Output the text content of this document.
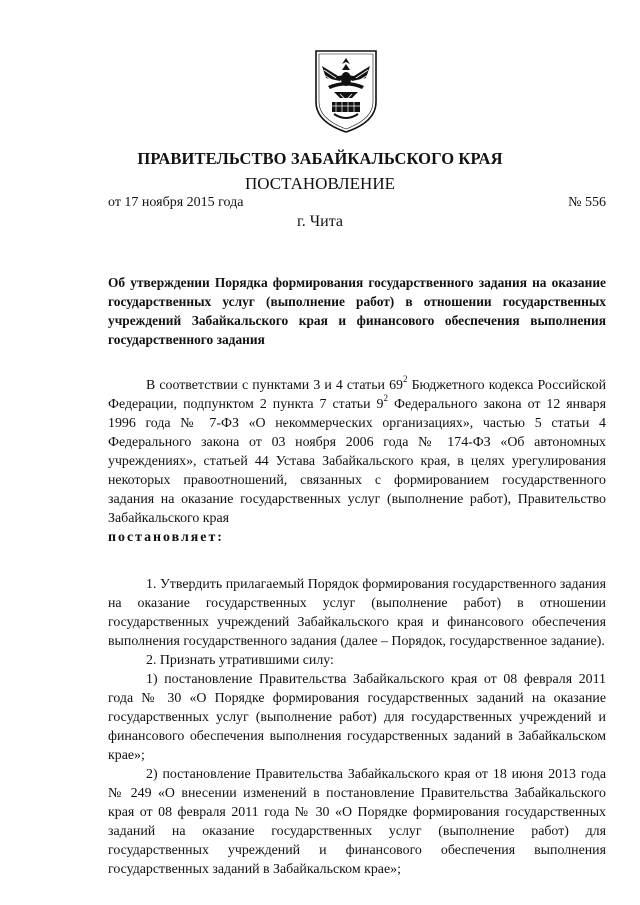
ПРАВИТЕЛЬСТВО ЗАБАЙКАЛЬСКОГО КРАЯ
ПОСТАНОВЛЕНИЕ
от 17 ноября 2015 года	№ 556
г. Чита
Об утверждении Порядка формирования государственного задания на оказание государственных услуг (выполнение работ) в отношении государственных учреждений Забайкальского края и финансового обеспечения выполнения государственного задания

В соответствии с пунктами 3 и 4 статьи $69^2$ Бюджетного кодекса Российской Федерации, подпунктом 2 пункта 7 статьи $9^2$ Федерального закона от 12 января 1996 года № 7-ФЗ «О некоммерческих организациях», частью 5 статьи 4 Федерального закона от 03 ноября 2006 года № 174-ФЗ «Об автономных учреждениях», статьей 44 Устава Забайкальского края, в целях урегулирования некоторых правоотношений, связанных с формированием государственного задания на оказание государственных услуг (выполнение работ), Правительство Забайкальского края

постановляет:

1. Утвердить прилагаемый Порядок формирования государственного задания на оказание государственных услуг (выполнение работ) в отношении государственных учреждений Забайкальского края и финансового обеспечения выполнения государственного задания (далее – Порядок, государственное задание).

2. Признать утратившими силу:

1) постановление Правительства Забайкальского края от 08 февраля 2011 года № 30 «О Порядке формирования государственных заданий на оказание государственных услуг (выполнение работ) для государственных учреждений и финансового обеспечения выполнения государственных заданий в Забайкальском крае»;

2) постановление Правительства Забайкальского края от 18 июня 2013 года № 249 «О внесении изменений в постановление Правительства Забайкальского края от 08 февраля 2011 года № 30 «О Порядке формирования государственных заданий на оказание государственных услуг (выполнение работ) для государственных учреждений и финансового обеспечения выполнения государственных заданий в Забайкальском крае»;
